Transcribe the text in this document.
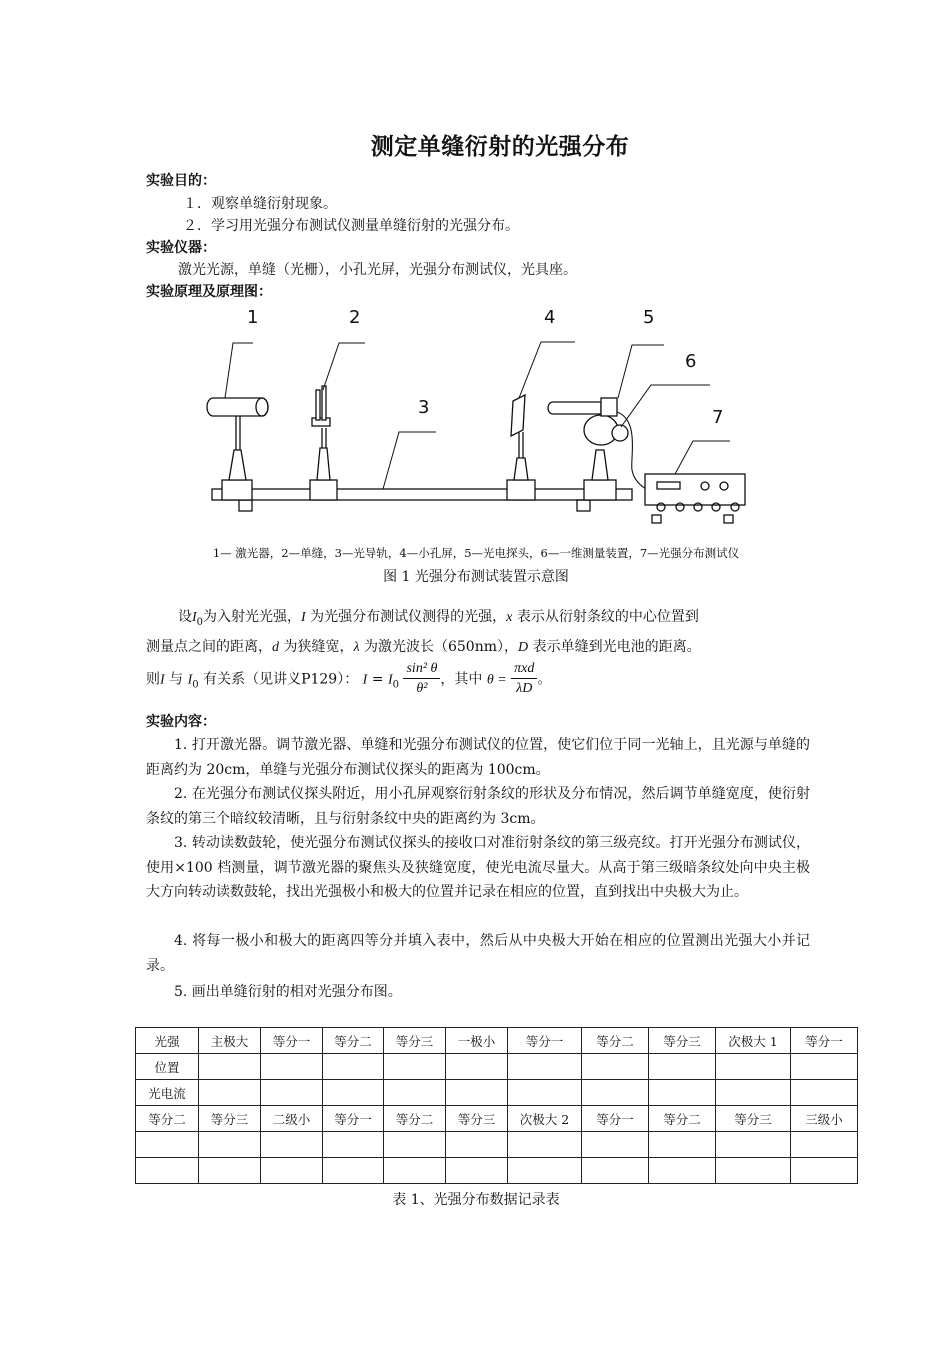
测定单缝衍射的光强分布
实验目的：
１．观察单缝衍射现象。
２．学习用光强分布测试仪测量单缝衍射的光强分布。
实验仪器：
激光光源，单缝（光栅），小孔光屏，光强分布测试仪，光具座。
实验原理及原理图：
1	2
3
4	5
6
7
1— 激光器，2—单缝，3—光导轨，4—小孔屏，5—光电探头，6—一维测量装置，7—光强分布测试仪
图 1 光强分布测试装置示意图
设$I_0$为入射光光强，I 为光强分布测试仪测得的光强，x 表示从衍射条纹的中心位置到
测量点之间的距离，d 为狭缝宽，λ 为激光波长（650nm），D 表示单缝到光电池的距离。
则I 与 $I_0$ 有关系（见讲义P129）： $I = I_0 \frac{\text{sin² θ}}{\text{θ²}}$ ，其中 $\theta = \frac{\text{πxd}}{\lambda D}$ 。
实验内容：
1. 打开激光器。调节激光器、单缝和光强分布测试仪的位置，使它们位于同一光轴上，且光源与单缝的距离约为 20cm，单缝与光强分布测试仪探头的距离为 100cm。
2. 在光强分布测试仪探头附近，用小孔屏观察衍射条纹的形状及分布情况，然后调节单缝宽度，使衍射条纹的第三个暗纹较清晰，且与衍射条纹中央的距离约为 3cm。
3. 转动读数鼓轮，使光强分布测试仪探头的接收口对准衍射条纹的第三级亮纹。打开光强分布测试仪，使用×100 档测量，调节激光器的聚焦头及狭缝宽度，使光电流尽量大。从高于第三级暗条纹处向中央主极大方向转动读数鼓轮，找出光强极小和极大的位置并记录在相应的位置，直到找出中央极大为止。
4. 将每一极小和极大的距离四等分并填入表中，然后从中央极大开始在相应的位置测出光强大小并记录。
5. 画出单缝衍射的相对光强分布图。
光强	主极大	等分一	等分二	等分三	一极小	等分一	等分二	等分三	次极大 1	等分一
位置										
光电流										
等分二	等分三	二级小	等分一	等分二	等分三	次极大 2	等分一	等分二	等分三	三级小

表 1、光强分布数据记录表
